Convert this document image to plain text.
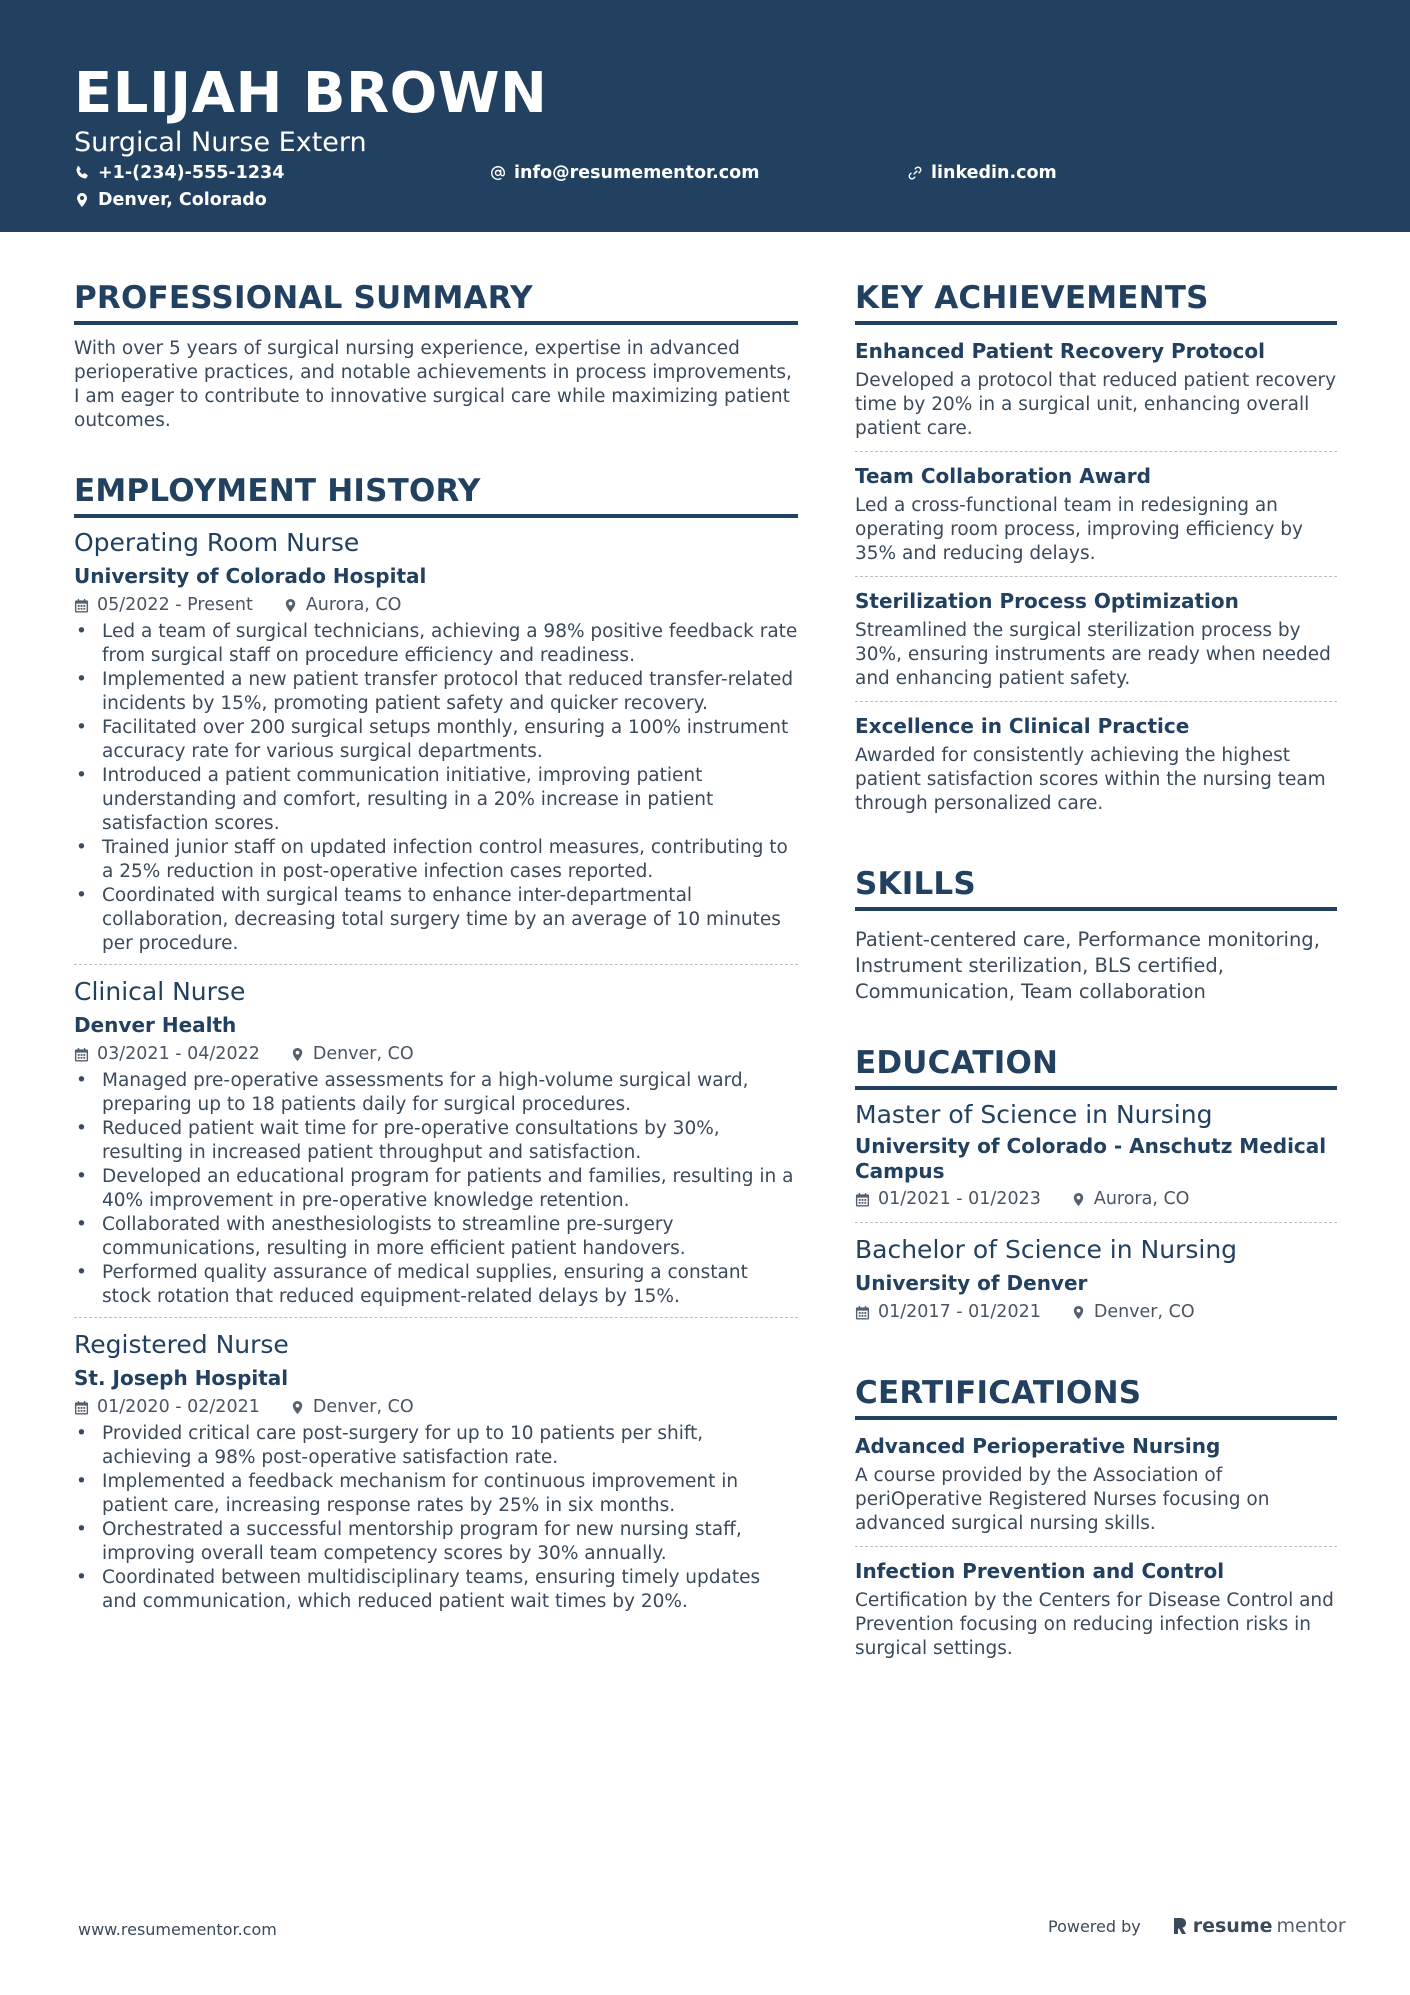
ELIJAH BROWN
Surgical Nurse Extern
+1-(234)-555-1234	info@resumementor.com	linkedin.com
Denver, Colorado
PROFESSIONAL SUMMARY
With over 5 years of surgical nursing experience, expertise in advanced perioperative practices, and notable achievements in process improvements, I am eager to contribute to innovative surgical care while maximizing patient outcomes.
EMPLOYMENT HISTORY
Operating Room Nurse
University of Colorado Hospital
05/2022 - Present	Aurora, CO
• Led a team of surgical technicians, achieving a 98% positive feedback rate from surgical staff on procedure efficiency and readiness.
• Implemented a new patient transfer protocol that reduced transfer-related incidents by 15%, promoting patient safety and quicker recovery.
• Facilitated over 200 surgical setups monthly, ensuring a 100% instrument accuracy rate for various surgical departments.
• Introduced a patient communication initiative, improving patient understanding and comfort, resulting in a 20% increase in patient satisfaction scores.
• Trained junior staff on updated infection control measures, contributing to a 25% reduction in post-operative infection cases reported.
• Coordinated with surgical teams to enhance inter-departmental collaboration, decreasing total surgery time by an average of 10 minutes per procedure.
Clinical Nurse
Denver Health
03/2021 - 04/2022	Denver, CO
• Managed pre-operative assessments for a high-volume surgical ward, preparing up to 18 patients daily for surgical procedures.
• Reduced patient wait time for pre-operative consultations by 30%, resulting in increased patient throughput and satisfaction.
• Developed an educational program for patients and families, resulting in a 40% improvement in pre-operative knowledge retention.
• Collaborated with anesthesiologists to streamline pre-surgery communications, resulting in more efficient patient handovers.
• Performed quality assurance of medical supplies, ensuring a constant stock rotation that reduced equipment-related delays by 15%.
Registered Nurse
St. Joseph Hospital
01/2020 - 02/2021	Denver, CO
• Provided critical care post-surgery for up to 10 patients per shift, achieving a 98% post-operative satisfaction rate.
• Implemented a feedback mechanism for continuous improvement in patient care, increasing response rates by 25% in six months.
• Orchestrated a successful mentorship program for new nursing staff, improving overall team competency scores by 30% annually.
• Coordinated between multidisciplinary teams, ensuring timely updates and communication, which reduced patient wait times by 20%.
KEY ACHIEVEMENTS
Enhanced Patient Recovery Protocol
Developed a protocol that reduced patient recovery time by 20% in a surgical unit, enhancing overall patient care.
Team Collaboration Award
Led a cross-functional team in redesigning an operating room process, improving efficiency by 35% and reducing delays.
Sterilization Process Optimization
Streamlined the surgical sterilization process by 30%, ensuring instruments are ready when needed and enhancing patient safety.
Excellence in Clinical Practice
Awarded for consistently achieving the highest patient satisfaction scores within the nursing team through personalized care.
SKILLS
Patient-centered care, Performance monitoring, Instrument sterilization, BLS certified, Communication, Team collaboration
EDUCATION
Master of Science in Nursing
University of Colorado - Anschutz Medical Campus
01/2021 - 01/2023	Aurora, CO
Bachelor of Science in Nursing
University of Denver
01/2017 - 01/2021	Denver, CO
CERTIFICATIONS
Advanced Perioperative Nursing
A course provided by the Association of periOperative Registered Nurses focusing on advanced surgical nursing skills.
Infection Prevention and Control
Certification by the Centers for Disease Control and Prevention focusing on reducing infection risks in surgical settings.
www.resumementor.com	Powered by	resume mentor
